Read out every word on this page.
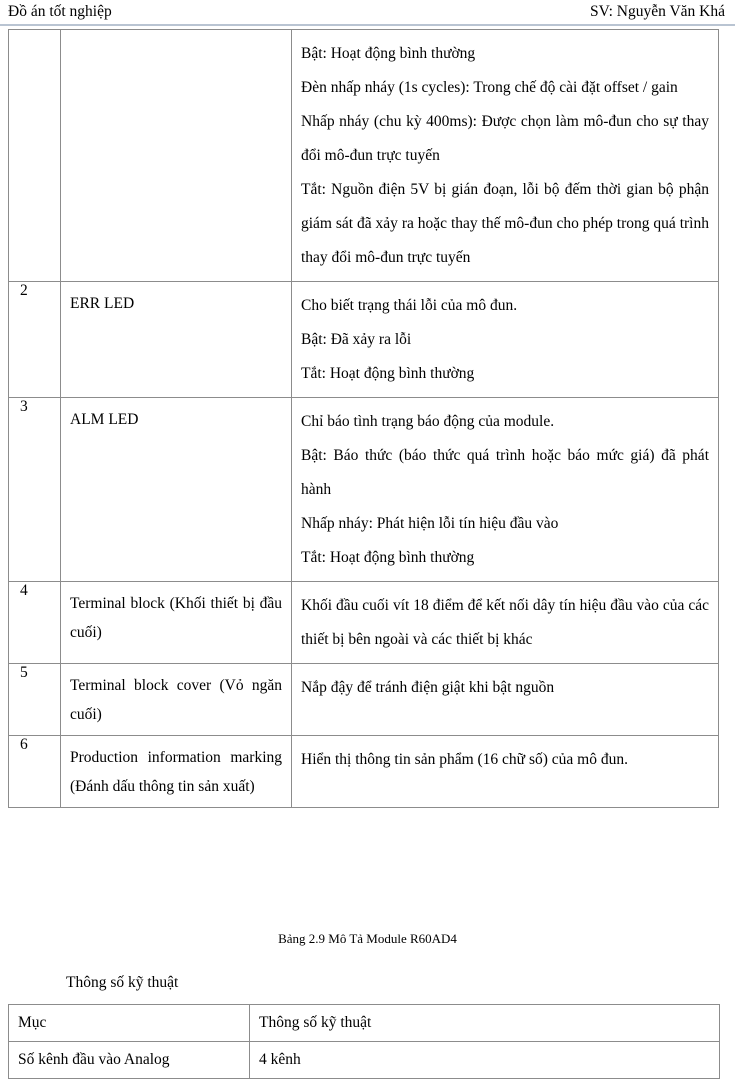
Đồ án tốt nghiệp	SV: Nguyễn Văn Khá

		Bật: Hoạt động bình thường

Đèn nhấp nháy (1s cycles): Trong chế độ cài đặt offset / gain

Nhấp nháy (chu kỳ 400ms): Được chọn làm mô-đun cho sự thay đổi mô-đun trực tuyến

Tắt: Nguồn điện 5V bị gián đoạn, lỗi bộ đếm thời gian bộ phận giám sát đã xảy ra hoặc thay thế mô-đun cho phép trong quá trình thay đổi mô-đun trực tuyến

2	ERR LED	Cho biết trạng thái lỗi của mô đun.

Bật: Đã xảy ra lỗi

Tắt: Hoạt động bình thường

3	ALM LED	Chỉ báo tình trạng báo động của module.

Bật: Báo thức (báo thức quá trình hoặc báo mức giá) đã phát hành

Nhấp nháy: Phát hiện lỗi tín hiệu đầu vào

Tắt: Hoạt động bình thường

4	Terminal block (Khối thiết bị đầu cuối)	Khối đầu cuối vít 18 điểm để kết nối dây tín hiệu đầu vào của các thiết bị bên ngoài và các thiết bị khác

5	Terminal block cover (Vỏ ngăn cuối)	Nắp đậy để tránh điện giật khi bật nguồn

6	Production information marking (Đánh dấu thông tin sản xuất)	Hiển thị thông tin sản phẩm (16 chữ số) của mô đun.

Bảng 2.9 Mô Tả Module R60AD4
Thông số kỹ thuật
Mục	Thông số kỹ thuật
Số kênh đầu vào Analog	4 kênh
